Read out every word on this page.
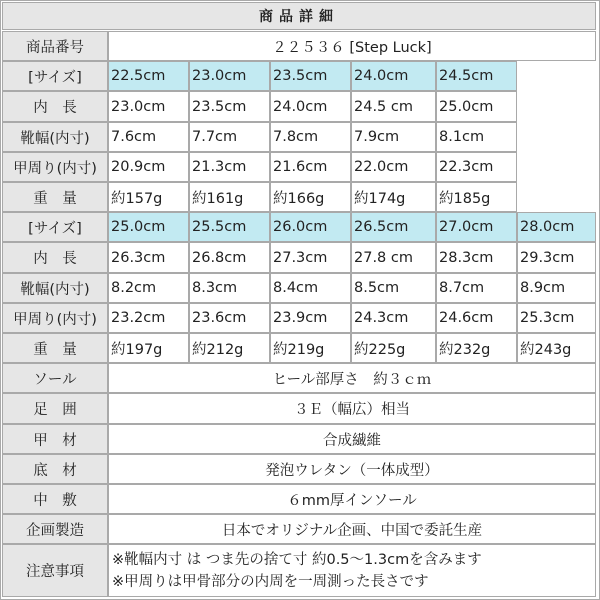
商品詳細
商品番号	２２５３６ [Step Luck]
[サイズ]	22.5cm	23.0cm	23.5cm	24.0cm	24.5cm
内　長	23.0cm	23.5cm	24.0cm	24.5 cm	25.0cm
靴幅(内寸)	7.6cm	7.7cm	7.8cm	7.9cm	8.1cm
甲周り(内寸) 20.9cm	21.3cm	21.6cm	22.0cm	22.3cm
重　量	約157g	約161g	約166g	約174g	約185g
[サイズ]	25.0cm	25.5cm	26.0cm	26.5cm	27.0cm	28.0cm
内　長	26.3cm	26.8cm	27.3cm	27.8 cm	28.3cm	29.3cm
靴幅(内寸)	8.2cm	8.3cm	8.4cm	8.5cm	8.7cm	8.9cm
甲周り(内寸) 23.2cm	23.6cm	23.9cm	24.3cm	24.6cm	25.3cm
重　量	約197g	約212g	約219g	約225g	約232g	約243g
ソール	ヒール部厚さ　約３ｃｍ
足　囲	３Ｅ（幅広）相当
甲　材	合成繊維
底　材	発泡ウレタン（一体成型）
中　敷	６mm厚インソール
企画製造	日本でオリジナル企画、中国で委託生産
注意事項
※靴幅内寸 は つま先の捨て寸 約0.5～1.3cmを含みます
※甲周りは甲骨部分の内周を一周測った長さです
